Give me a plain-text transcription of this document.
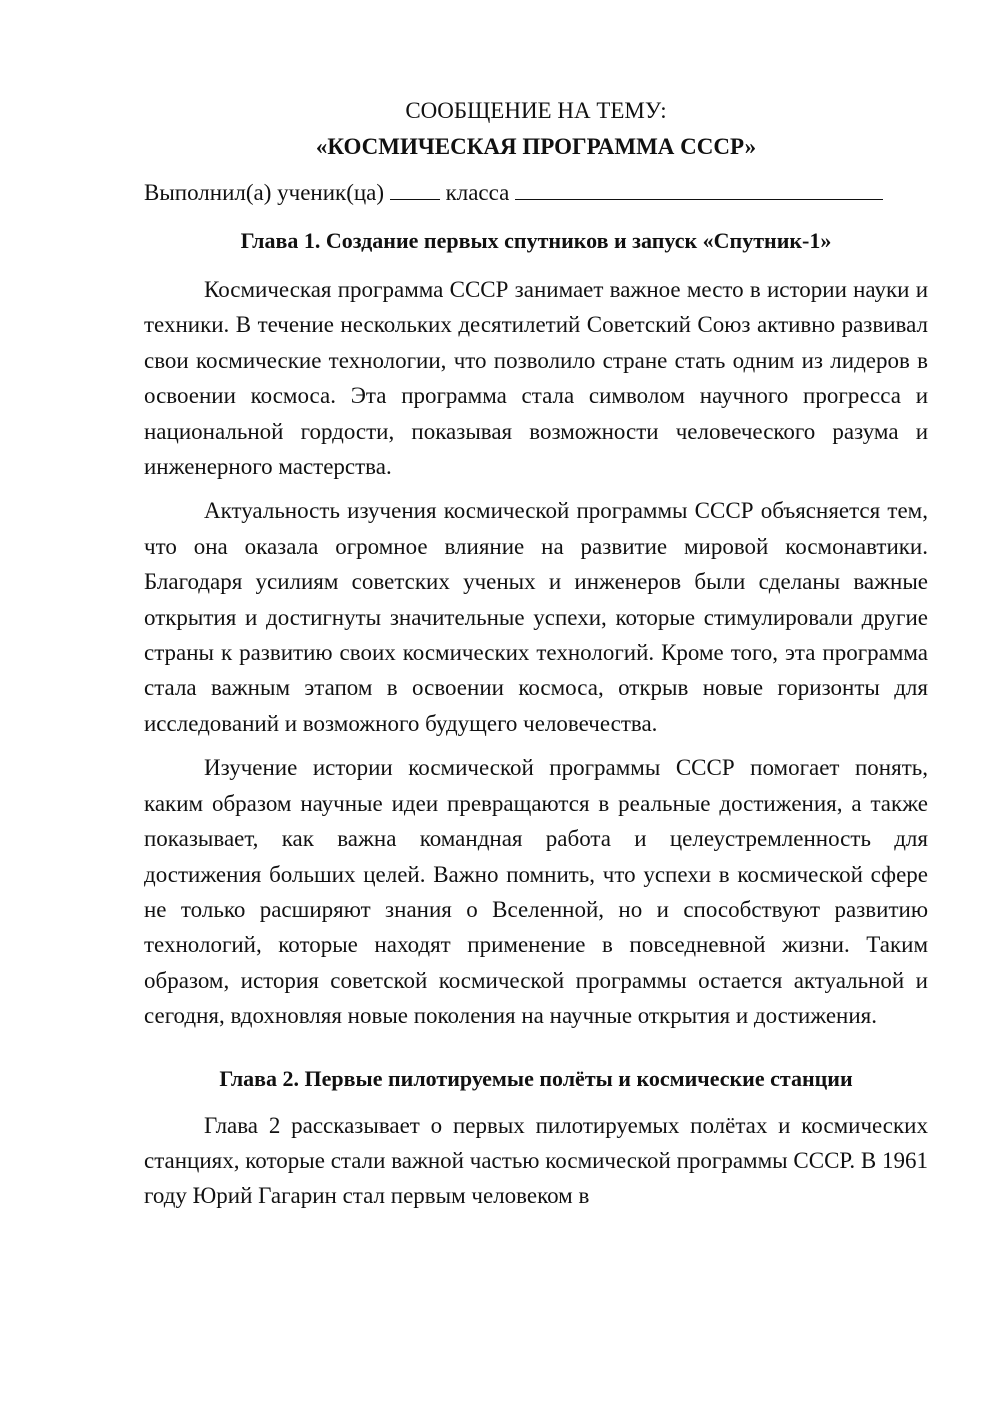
СООБЩЕНИЕ НА ТЕМУ:

«КОСМИЧЕСКАЯ ПРОГРАММА СССР»

Выполнил(а) ученик(ца)	класса

Глава 1. Создание первых спутников и запуск «Спутник-1»

Космическая программа СССР занимает важное место в истории науки и техники. В течение нескольких десятилетий Советский Союз активно развивал свои космические технологии, что позволило стране стать одним из лидеров в освоении космоса. Эта программа стала символом научного прогресса и национальной гордости, показывая возможности человеческого разума и инженерного мастерства.

Актуальность изучения космической программы СССР объясняется тем, что она оказала огромное влияние на развитие мировой космонавтики. Благодаря усилиям советских ученых и инженеров были сделаны важные открытия и достигнуты значительные успехи, которые стимулировали другие страны к развитию своих космических технологий. Кроме того, эта программа стала важным этапом в освоении космоса, открыв новые горизонты для исследований и возможного будущего человечества.

Изучение истории космической программы СССР помогает понять, каким образом научные идеи превращаются в реальные достижения, а также показывает, как важна командная работа и целеустремленность для достижения больших целей. Важно помнить, что успехи в космической сфере не только расширяют знания о Вселенной, но и способствуют развитию технологий, которые находят применение в повседневной жизни. Таким образом, история советской космической программы остается актуальной и сегодня, вдохновляя новые поколения на научные открытия и достижения.

Глава 2. Первые пилотируемые полёты и космические станции

Глава 2 рассказывает о первых пилотируемых полётах и космических станциях, которые стали важной частью космической программы СССР. В 1961 году Юрий Гагарин стал первым человеком в
